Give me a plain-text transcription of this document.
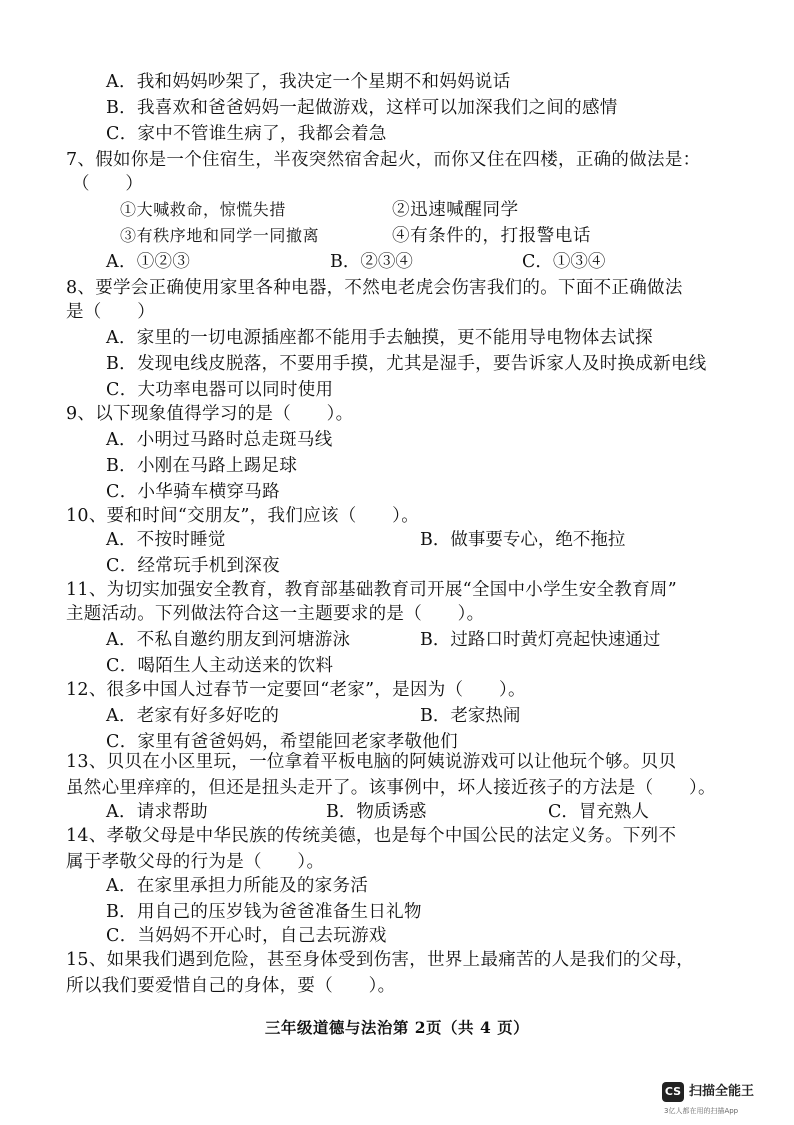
A．我和妈妈吵架了，我决定一个星期不和妈妈说话
B．我喜欢和爸爸妈妈一起做游戏，这样可以加深我们之间的感情
C．家中不管谁生病了，我都会着急
7、假如你是一个住宿生，半夜突然宿舍起火，而你又住在四楼，正确的做法是：
（　　）
①大喊救命，惊慌失措	②迅速喊醒同学
③有秩序地和同学一同撤离	④有条件的，打报警电话
A．①②③	B．②③④	C．①③④
8、要学会正确使用家里各种电器，不然电老虎会伤害我们的。下面不正确做法
是（　　）
A．家里的一切电源插座都不能用手去触摸，更不能用导电物体去试探
B．发现电线皮脱落，不要用手摸，尤其是湿手，要告诉家人及时换成新电线
C．大功率电器可以同时使用
9、以下现象值得学习的是（　　）。
A．小明过马路时总走斑马线
B．小刚在马路上踢足球
C．小华骑车横穿马路
10、要和时间“交朋友”，我们应该（　　）。
A．不按时睡觉	B．做事要专心，绝不拖拉
C．经常玩手机到深夜
11、为切实加强安全教育，教育部基础教育司开展“全国中小学生安全教育周”
主题活动。下列做法符合这一主题要求的是（　　）。
A．不私自邀约朋友到河塘游泳	B．过路口时黄灯亮起快速通过
C．喝陌生人主动送来的饮料
12、很多中国人过春节一定要回“老家”，是因为（　　）。
A．老家有好多好吃的	B．老家热闹
C．家里有爸爸妈妈，希望能回老家孝敬他们
13、贝贝在小区里玩，一位拿着平板电脑的阿姨说游戏可以让他玩个够。贝贝
虽然心里痒痒的，但还是扭头走开了。该事例中，坏人接近孩子的方法是（　　）。
A．请求帮助	B．物质诱惑	C．冒充熟人
14、孝敬父母是中华民族的传统美德，也是每个中国公民的法定义务。下列不
属于孝敬父母的行为是（　　）。
A．在家里承担力所能及的家务活
B．用自己的压岁钱为爸爸准备生日礼物
C．当妈妈不开心时，自己去玩游戏
15、如果我们遇到危险，甚至身体受到伤害，世界上最痛苦的人是我们的父母，
所以我们要爱惜自己的身体，要（　　）。
三年级道德与法治第 2页（共 4 页）
CS 扫描全能王
3亿人都在用的扫描App
